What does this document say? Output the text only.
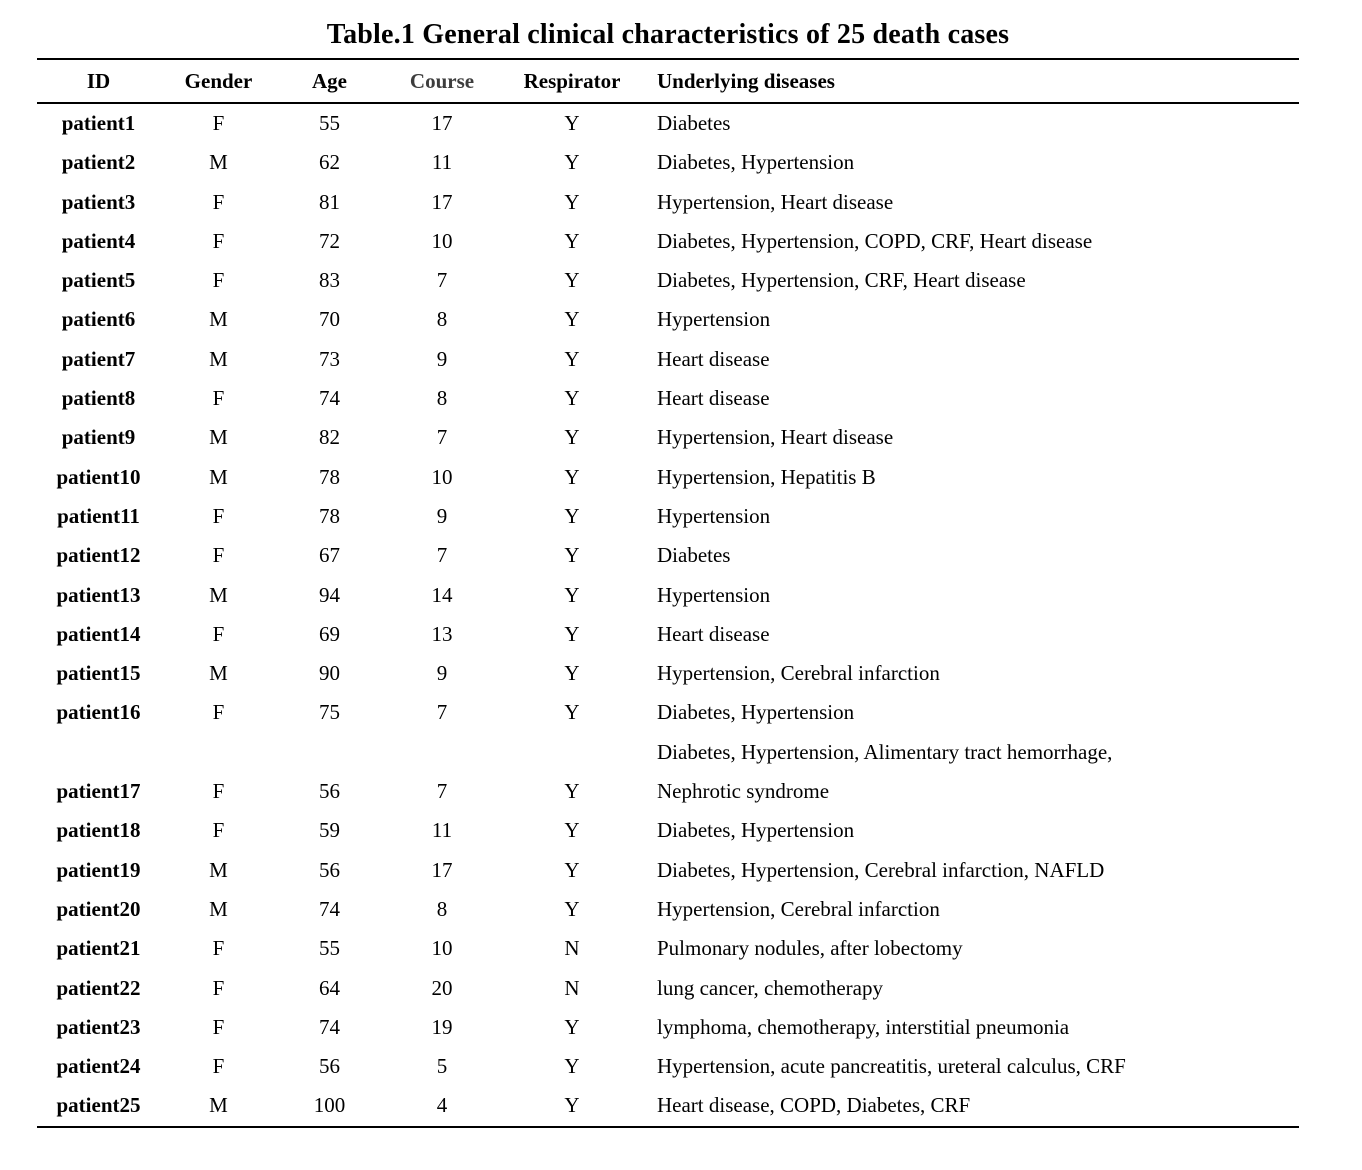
Table.1 General clinical characteristics of 25 death cases
ID	Gender	Age	Course	Respirator	Underlying diseases
patient1	F	55	17	Y	Diabetes

patient2	M	62	11	Y	Diabetes, Hypertension

patient3	F	81	17	Y	Hypertension, Heart disease

patient4	F	72	10	Y	Diabetes, Hypertension, COPD, CRF, Heart disease

patient5	F	83	7	Y	Diabetes, Hypertension, CRF, Heart disease

patient6	M	70	8	Y	Hypertension

patient7	M	73	9	Y	Heart disease

patient8	F	74	8	Y	Heart disease

patient9	M	82	7	Y	Hypertension, Heart disease

patient10	M	78	10	Y	Hypertension, Hepatitis B

patient11	F	78	9	Y	Hypertension

patient12	F	67	7	Y	Diabetes

patient13	M	94	14	Y	Hypertension

patient14	F	69	13	Y	Heart disease

patient15	M	90	9	Y	Hypertension, Cerebral infarction

patient16	F	75	7	Y	Diabetes, Hypertension

patient17	F	56	7	Y	Diabetes, Hypertension, Alimentary tract hemorrhage,
Nephrotic syndrome

patient18	F	59	11	Y	Diabetes, Hypertension

patient19	M	56	17	Y	Diabetes, Hypertension, Cerebral infarction, NAFLD

patient20	M	74	8	Y	Hypertension, Cerebral infarction

patient21	F	55	10	N	Pulmonary nodules, after lobectomy

patient22	F	64	20	N	lung cancer, chemotherapy

patient23	F	74	19	Y	lymphoma, chemotherapy, interstitial pneumonia

patient24	F	56	5	Y	Hypertension, acute pancreatitis, ureteral calculus, CRF

patient25	M	100	4	Y	Heart disease, COPD, Diabetes, CRF
